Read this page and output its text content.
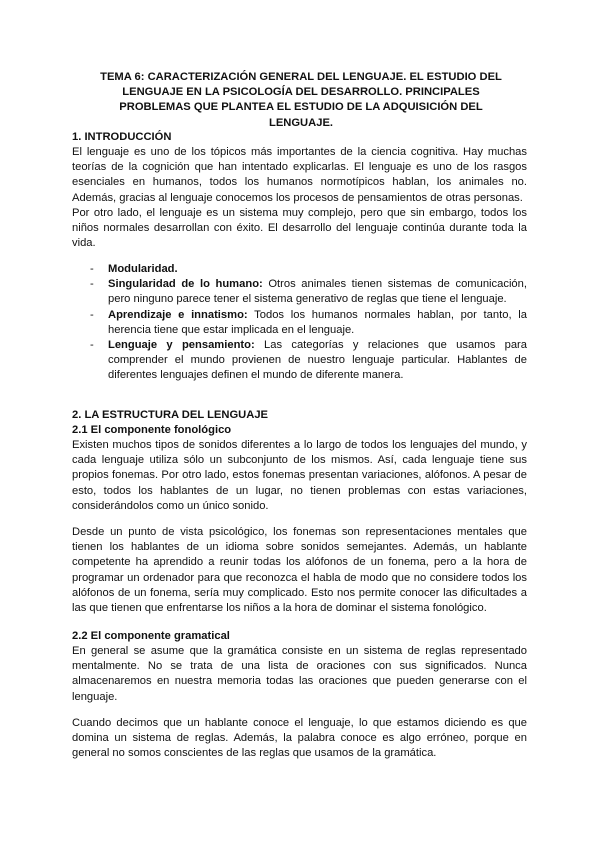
TEMA 6: CARACTERIZACIÓN GENERAL DEL LENGUAJE. EL ESTUDIO DEL LENGUAJE EN LA PSICOLOGÍA DEL DESARROLLO. PRINCIPALES PROBLEMAS QUE PLANTEA EL ESTUDIO DE LA ADQUISICIÓN DEL LENGUAJE.
1. INTRODUCCIÓN

El lenguaje es uno de los tópicos más importantes de la ciencia cognitiva. Hay muchas teorías de la cognición que han intentado explicarlas. El lenguaje es uno de los rasgos esenciales en humanos, todos los humanos normotípicos hablan, los animales no. Además, gracias al lenguaje conocemos los procesos de pensamientos de otras personas.

Por otro lado, el lenguaje es un sistema muy complejo, pero que sin embargo, todos los niños normales desarrollan con éxito. El desarrollo del lenguaje continúa durante toda la vida.

- Modularidad.
- Singularidad de lo humano: Otros animales tienen sistemas de comunicación, pero ninguno parece tener el sistema generativo de reglas que tiene el lenguaje.
- Aprendizaje e innatismo: Todos los humanos normales hablan, por tanto, la herencia tiene que estar implicada en el lenguaje.
- Lenguaje y pensamiento: Las categorías y relaciones que usamos para comprender el mundo provienen de nuestro lenguaje particular. Hablantes de diferentes lenguajes definen el mundo de diferente manera.
2. LA ESTRUCTURA DEL LENGUAJE
2.1 El componente fonológico

Existen muchos tipos de sonidos diferentes a lo largo de todos los lenguajes del mundo, y cada lenguaje utiliza sólo un subconjunto de los mismos. Así, cada lenguaje tiene sus propios fonemas. Por otro lado, estos fonemas presentan variaciones, alófonos. A pesar de esto, todos los hablantes de un lugar, no tienen problemas con estas variaciones, considerándolos como un único sonido.

Desde un punto de vista psicológico, los fonemas son representaciones mentales que tienen los hablantes de un idioma sobre sonidos semejantes. Además, un hablante competente ha aprendido a reunir todas los alófonos de un fonema, pero a la hora de programar un ordenador para que reconozca el habla de modo que no considere todos los alófonos de un fonema, sería muy complicado. Esto nos permite conocer las dificultades a las que tienen que enfrentarse los niños a la hora de dominar el sistema fonológico.

2.2 El componente gramatical

En general se asume que la gramática consiste en un sistema de reglas representado mentalmente. No se trata de una lista de oraciones con sus significados. Nunca almacenaremos en nuestra memoria todas las oraciones que pueden generarse con el lenguaje.

Cuando decimos que un hablante conoce el lenguaje, lo que estamos diciendo es que domina un sistema de reglas. Además, la palabra conoce es algo erróneo, porque en general no somos conscientes de las reglas que usamos de la gramática.
